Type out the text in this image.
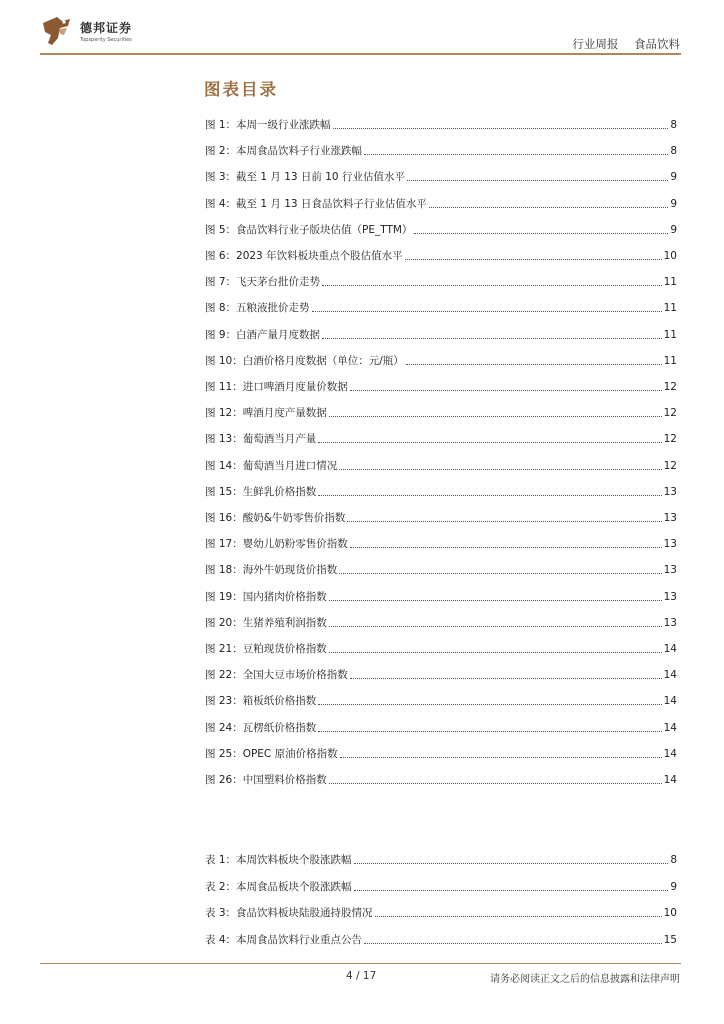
德邦证券
Topsperity Securities	行业周报 食品饮料
图表目录
图 1：本周一级行业涨跌幅	8
图 2：本周食品饮料子行业涨跌幅	8
图 3：截至 1 月 13 日前 10 行业估值水平	9
图 4：截至 1 月 13 日食品饮料子行业估值水平	9
图 5：食品饮料行业子版块估值（PE_TTM）	9
图 6：2023 年饮料板块重点个股估值水平	10
图 7：飞天茅台批价走势	11
图 8：五粮液批价走势	11
图 9：白酒产量月度数据	11
图 10：白酒价格月度数据（单位：元/瓶）	11
图 11：进口啤酒月度量价数据	12
图 12：啤酒月度产量数据	12
图 13：葡萄酒当月产量	12
图 14：葡萄酒当月进口情况	12
图 15：生鲜乳价格指数	13
图 16：酸奶&牛奶零售价指数	13
图 17：婴幼儿奶粉零售价指数	13
图 18：海外牛奶现货价指数	13
图 19：国内猪肉价格指数	13
图 20：生猪养殖利润指数	13
图 21：豆粕现货价格指数	14
图 22：全国大豆市场价格指数	14
图 23：箱板纸价格指数	14
图 24：瓦楞纸价格指数	14
图 25：OPEC 原油价格指数	14
图 26：中国塑料价格指数	14
表 1：本周饮料板块个股涨跌幅	8
表 2：本周食品板块个股涨跌幅	9
表 3：食品饮料板块陆股通持股情况	10
表 4：本周食品饮料行业重点公告	15
4 / 17	请务必阅读正文之后的信息披露和法律声明
